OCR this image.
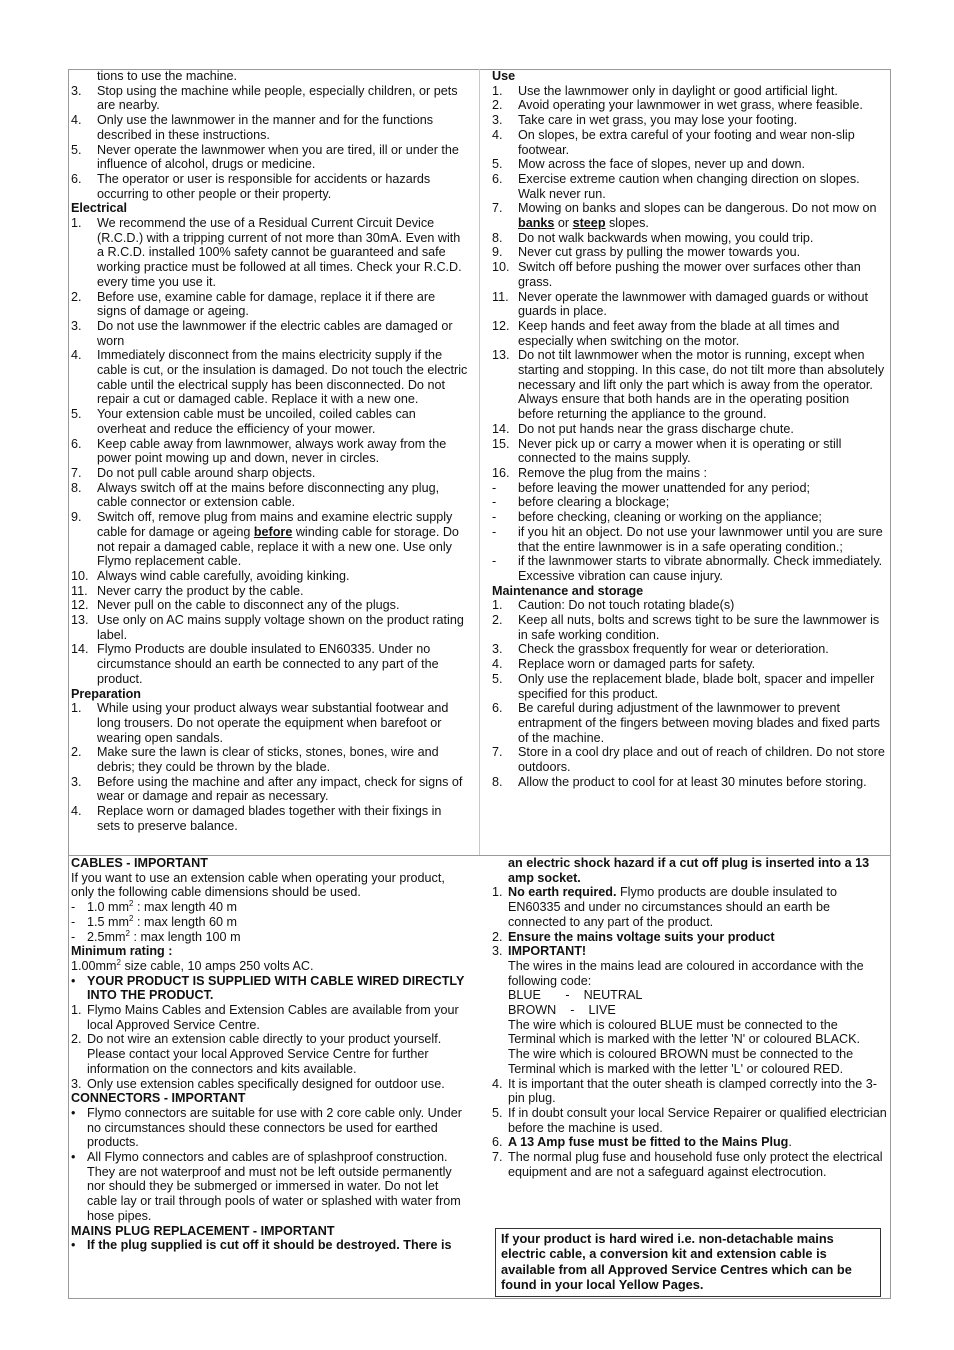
tions to use the machine.
3.	Stop using the machine while people, especially children, or pets are nearby.
4.	Only use the lawnmower in the manner and for the functions described in these instructions.
5.	Never operate the lawnmower when you are tired, ill or under the influence of alcohol, drugs or medicine.
6.	The operator or user is responsible for accidents or hazards occurring to other people or their property.
Electrical
1.	We recommend the use of a Residual Current Circuit Device (R.C.D.) with a tripping current of not more than 30mA. Even with a R.C.D. installed 100% safety cannot be guaranteed and safe working practice must be followed at all times. Check your R.C.D. every time you use it.
2.	Before use, examine cable for damage, replace it if there are signs of damage or ageing.
3.	Do not use the lawnmower if the electric cables are damaged or worn
4.	Immediately disconnect from the mains electricity supply if the cable is cut, or the insulation is damaged. Do not touch the electric cable until the electrical supply has been disconnected. Do not repair a cut or damaged cable. Replace it with a new one.
5.	Your extension cable must be uncoiled, coiled cables can overheat and reduce the efficiency of your mower.
6.	Keep cable away from lawnmower, always work away from the power point mowing up and down, never in circles.
7.	Do not pull cable around sharp objects.
8.	Always switch off at the mains before disconnecting any plug, cable connector or extension cable.
9.	Switch off, remove plug from mains and examine electric supply cable for damage or ageing before winding cable for storage. Do not repair a damaged cable, replace it with a new one. Use only Flymo replacement cable.
10. Always wind cable carefully, avoiding kinking.
11. Never carry the product by the cable.
12. Never pull on the cable to disconnect any of the plugs.
13. Use only on AC mains supply voltage shown on the product rating label.
14. Flymo Products are double insulated to EN60335. Under no circumstance should an earth be connected to any part of the product.
Preparation
1.	While using your product always wear substantial footwear and long trousers. Do not operate the equipment when barefoot or wearing open sandals.
2.	Make sure the lawn is clear of sticks, stones, bones, wire and debris; they could be thrown by the blade.
3.	Before using the machine and after any impact, check for signs of wear or damage and repair as necessary.
4.	Replace worn or damaged blades together with their fixings in sets to preserve balance.
Use
1.	Use the lawnmower only in daylight or good artificial light.
2.	Avoid operating your lawnmower in wet grass, where feasible.
3.	Take care in wet grass, you may lose your footing.
4.	On slopes, be extra careful of your footing and wear non-slip footwear.
5.	Mow across the face of slopes, never up and down.
6.	Exercise extreme caution when changing direction on slopes. Walk never run.
7.	Mowing on banks and slopes can be dangerous. Do not mow on banks or steep slopes.
8.	Do not walk backwards when mowing, you could trip.
9.	Never cut grass by pulling the mower towards you.
10. Switch off before pushing the mower over surfaces other than grass.
11. Never operate the lawnmower with damaged guards or without guards in place.
12. Keep hands and feet away from the blade at all times and especially when switching on the motor.
13. Do not tilt lawnmower when the motor is running, except when starting and stopping. In this case, do not tilt more than absolutely necessary and lift only the part which is away from the operator. Always ensure that both hands are in the operating position before returning the appliance to the ground.
14. Do not put hands near the grass discharge chute.
15. Never pick up or carry a mower when it is operating or still connected to the mains supply.
16. Remove the plug from the mains :
-	before leaving the mower unattended for any period;
-	before clearing a blockage;
-	before checking, cleaning or working on the appliance;
-	if you hit an object. Do not use your lawnmower until you are sure that the entire lawnmower is in a safe operating condition.;
-	if the lawnmower starts to vibrate abnormally. Check immediately. Excessive vibration can cause injury.
Maintenance and storage
1.	Caution: Do not touch rotating blade(s)
2.	Keep all nuts, bolts and screws tight to be sure the lawnmower is in safe working condition.
3.	Check the grassbox frequently for wear or deterioration.
4.	Replace worn or damaged parts for safety.
5.	Only use the replacement blade, blade bolt, spacer and impeller specified for this product.
6.	Be careful during adjustment of the lawnmower to prevent entrapment of the fingers between moving blades and fixed parts of the machine.
7.	Store in a cool dry place and out of reach of children. Do not store outdoors.
8.	Allow the product to cool for at least 30 minutes before storing.
CABLES - IMPORTANT
If you want to use an extension cable when operating your product, only the following cable dimensions should be used.
- 1.0 $mm^2$ : max length 40 m
- 1.5 $mm^2$ : max length 60 m
- $2.5mm^2$ : max length 100 m
Minimum rating :
$1.00mm^2$ size cable, 10 amps 250 volts AC.
• YOUR PRODUCT IS SUPPLIED WITH CABLE WIRED DIRECTLY INTO THE PRODUCT.
1. Flymo Mains Cables and Extension Cables are available from your local Approved Service Centre.
2. Do not wire an extension cable directly to your product yourself. Please contact your local Approved Service Centre for further information on the connectors and kits available.
3. Only use extension cables specifically designed for outdoor use.
CONNECTORS - IMPORTANT
• Flymo connectors are suitable for use with 2 core cable only. Under no circumstances should these connectors be used for earthed products.
• All Flymo connectors and cables are of splashproof construction. They are not waterproof and must not be left outside permanently nor should they be submerged or immersed in water. Do not let cable lay or trail through pools of water or splashed with water from hose pipes.
MAINS PLUG REPLACEMENT - IMPORTANT
• If the plug supplied is cut off it should be destroyed. There is
an electric shock hazard if a cut off plug is inserted into a 13 amp socket.
1. No earth required. Flymo products are double insulated to EN60335 and under no circumstances should an earth be connected to any part of the product.
2. Ensure the mains voltage suits your product
3. IMPORTANT!
The wires in the mains lead are coloured in accordance with the following code:
BLUE       -    NEUTRAL
BROWN    -    LIVE
The wire which is coloured BLUE must be connected to the Terminal which is marked with the letter 'N' or coloured BLACK.
The wire which is coloured BROWN must be connected to the Terminal which is marked with the letter 'L' or coloured RED.
4. It is important that the outer sheath is clamped correctly into the 3-pin plug.
5. If in doubt consult your local Service Repairer or qualified electrician before the machine is used.
6. A 13 Amp fuse must be fitted to the Mains Plug.
7. The normal plug fuse and household fuse only protect the electrical equipment and are not a safeguard against electrocution.
If your product is hard wired i.e. non-detachable mains electric cable, a conversion kit and extension cable is available from all Approved Service Centres which can be found in your local Yellow Pages.
